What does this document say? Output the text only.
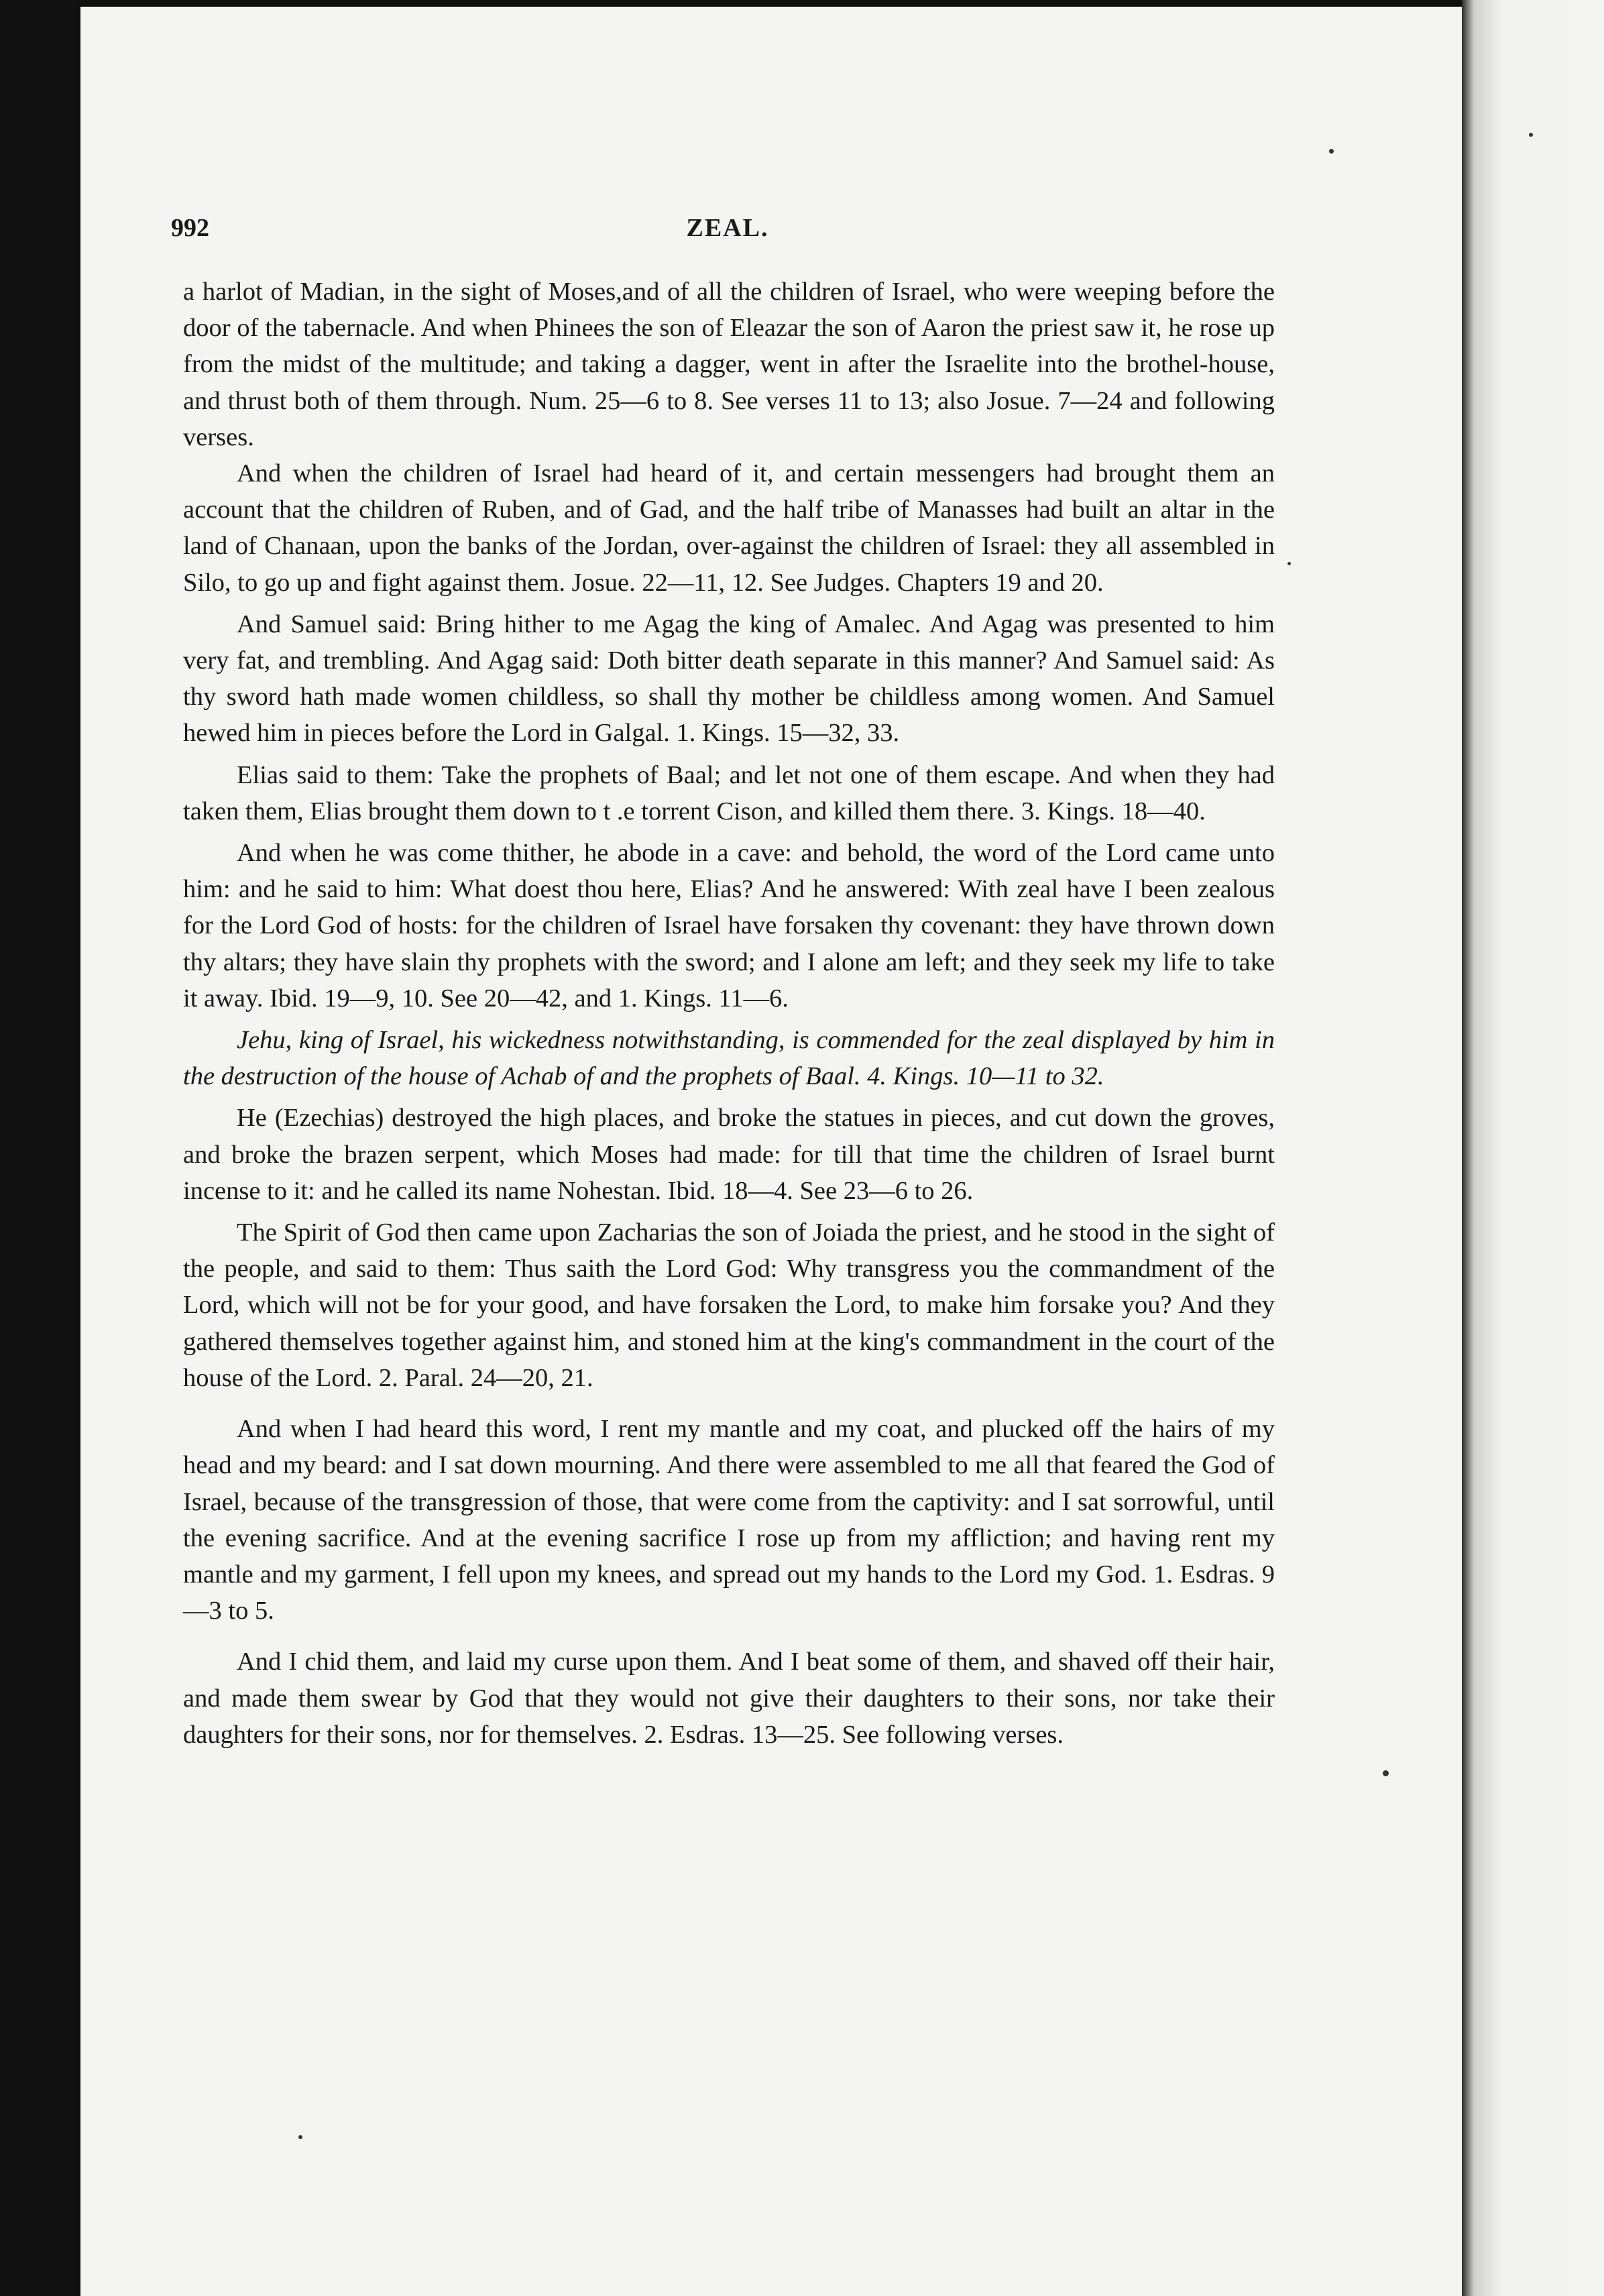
992	ZEAL.

a harlot of Madian, in the sight of Moses,and of all the children of Israel, who were weeping before the door of the tabernacle. And when Phinees the son of Eleazar the son of Aaron the priest saw it, he rose up from the midst of the multitude; and taking a dagger, went in after the Israelite into the brothel-house, and thrust both of them through. Num. 25—6 to 8. See verses 11 to 13; also Josue. 7—24 and following verses.

And when the children of Israel had heard of it, and certain messengers had brought them an account that the children of Ruben, and of Gad, and the half tribe of Manasses had built an altar in the land of Chanaan, upon the banks of the Jordan, over-against the children of Israel: they all assembled in Silo, to go up and fight against them. Josue. 22—11, 12. See Judges. Chapters 19 and 20.

And Samuel said: Bring hither to me Agag the king of Amalec. And Agag was presented to him very fat, and trembling. And Agag said: Doth bitter death separate in this manner? And Samuel said: As thy sword hath made women childless, so shall thy mother be childless among women. And Samuel hewed him in pieces before the Lord in Galgal. 1. Kings. 15—32, 33.

Elias said to them: Take the prophets of Baal; and let not one of them escape. And when they had taken them, Elias brought them down to t .e torrent Cison, and killed them there. 3. Kings. 18—40.

And when he was come thither, he abode in a cave: and behold, the word of the Lord came unto him: and he said to him: What doest thou here, Elias? And he answered: With zeal have I been zealous for the Lord God of hosts: for the children of Israel have forsaken thy covenant: they have thrown down thy altars; they have slain thy prophets with the sword; and I alone am left; and they seek my life to take it away. Ibid. 19—9, 10. See 20—42, and 1. Kings. 11—6.

Jehu, king of Israel, his wickedness notwithstanding, is commended for the zeal displayed by him in the destruction of the house of Achab of and the prophets of Baal. 4. Kings. 10—11 to 32.

He (Ezechias) destroyed the high places, and broke the statues in pieces, and cut down the groves, and broke the brazen serpent, which Moses had made: for till that time the children of Israel burnt incense to it: and he called its name Nohestan. Ibid. 18—4. See 23—6 to 26.

The Spirit of God then came upon Zacharias the son of Joiada the priest, and he stood in the sight of the people, and said to them: Thus saith the Lord God: Why transgress you the commandment of the Lord, which will not be for your good, and have forsaken the Lord, to make him forsake you? And they gathered themselves together against him, and stoned him at the king's commandment in the court of the house of the Lord. 2. Paral. 24—20, 21.

And when I had heard this word, I rent my mantle and my coat, and plucked off the hairs of my head and my beard: and I sat down mourning. And there were assembled to me all that feared the God of Israel, because of the transgression of those, that were come from the captivity: and I sat sorrowful, until the evening sacrifice. And at the evening sacrifice I rose up from my affliction; and having rent my mantle and my garment, I fell upon my knees, and spread out my hands to the Lord my God. 1. Esdras. 9—3 to 5.

And I chid them, and laid my curse upon them. And I beat some of them, and shaved off their hair, and made them swear by God that they would not give their daughters to their sons, nor take their daughters for their sons, nor for themselves. 2. Esdras. 13—25. See following verses.
